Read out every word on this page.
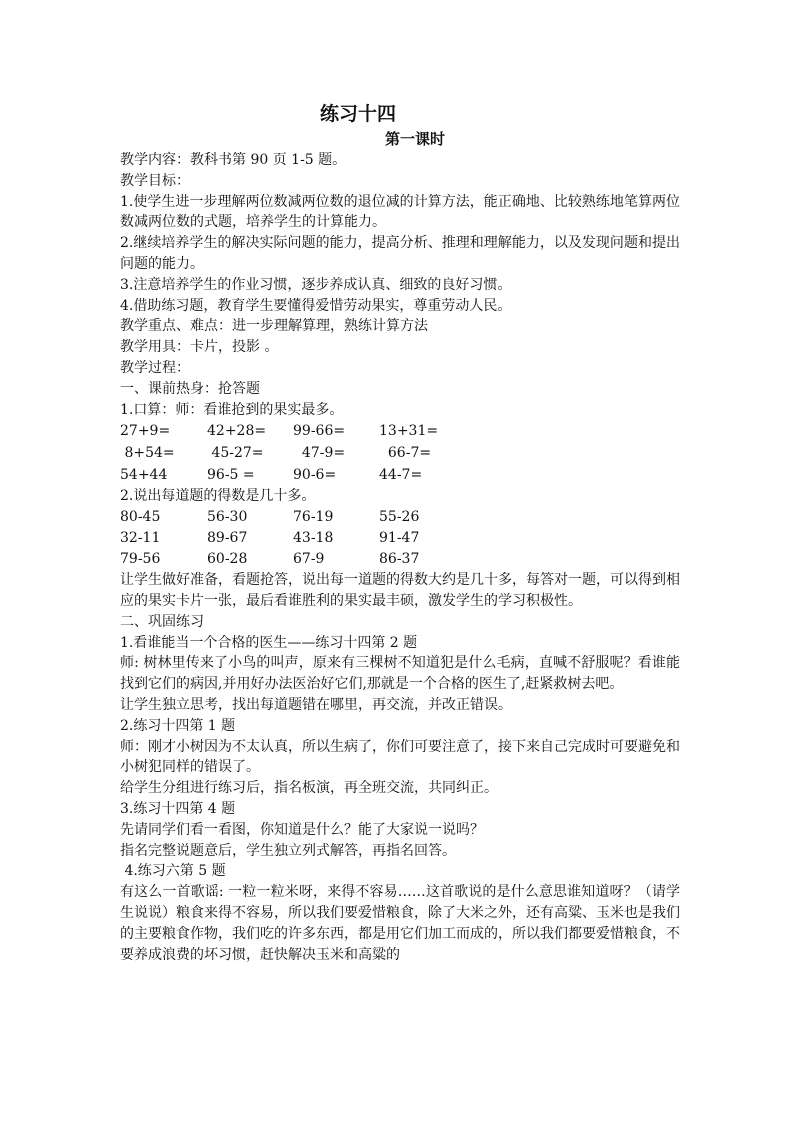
练习十四
第一课时
教学内容：教科书第 90 页 1-5 题。
教学目标：
1.使学生进一步理解两位数减两位数的退位减的计算方法，能正确地、比较熟练地笔算两位数减两位数的式题，培养学生的计算能力。
2.继续培养学生的解决实际问题的能力，提高分析、推理和理解能力，以及发现问题和提出问题的能力。
3.注意培养学生的作业习惯，逐步养成认真、细致的良好习惯。
4.借助练习题，教育学生要懂得爱惜劳动果实，尊重劳动人民。
教学重点、难点：进一步理解算理，熟练计算方法
教学用具：卡片，投影 。
教学过程：
一、课前热身：抢答题
1.口算：师：看谁抢到的果实最多。
27+9=	42+28=	99-66=	13+31=
8+54=	45-27=	47-9=	66-7=
54+44	96-5 =	90-6=	44-7=
2.说出每道题的得数是几十多。
80-45	56-30	76-19	55-26
32-11	89-67	43-18	91-47
79-56	60-28	67-9	86-37
让学生做好准备，看题抢答，说出每一道题的得数大约是几十多，每答对一题，可以得到相应的果实卡片一张，最后看谁胜利的果实最丰硕，激发学生的学习积极性。
二、巩固练习
1.看谁能当一个合格的医生——练习十四第 2 题
师: 树林里传来了小鸟的叫声，原来有三棵树不知道犯是什么毛病，直喊不舒服呢？看谁能找到它们的病因,并用好办法医治好它们,那就是一个合格的医生了,赶紧救树去吧。
让学生独立思考，找出每道题错在哪里，再交流，并改正错误。
2.练习十四第 1 题
师：刚才小树因为不太认真，所以生病了，你们可要注意了，接下来自己完成时可要避免和小树犯同样的错误了。
给学生分组进行练习后，指名板演，再全班交流，共同纠正。
3.练习十四第 4 题
先请同学们看一看图，你知道是什么？能了大家说一说吗？
指名完整说题意后，学生独立列式解答，再指名回答。
4.练习六第 5 题
有这么一首歌谣: 一粒一粒米呀，来得不容易……这首歌说的是什么意思谁知道呀？（请学生说说）粮食来得不容易，所以我们要爱惜粮食，除了大米之外，还有高粱、玉米也是我们的主要粮食作物，我们吃的许多东西，都是用它们加工而成的，所以我们都要爱惜粮食，不要养成浪费的坏习惯，赶快解决玉米和高粱的
